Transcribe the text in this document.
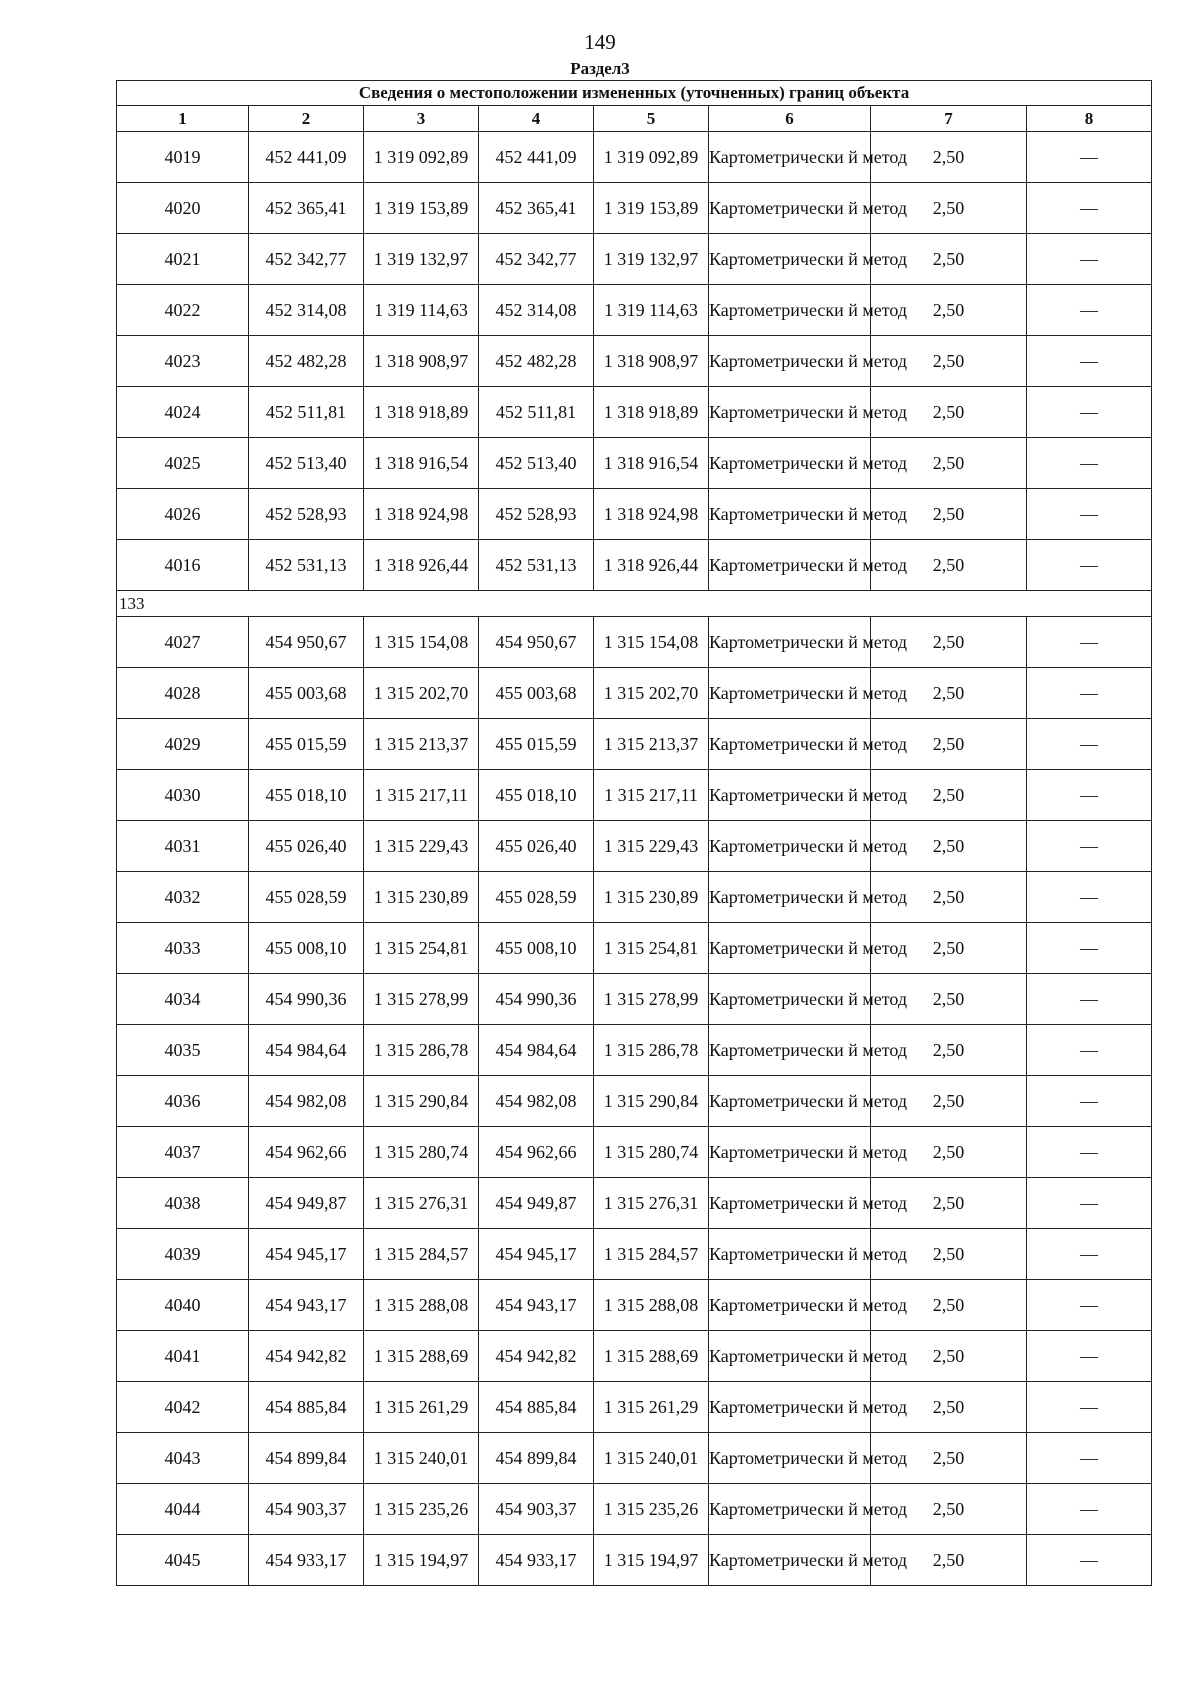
149
Раздел3
Сведения о местоположении измененных (уточненных) границ объекта							
1	2	3	4	5	6	7	8
4019	452 441,09	1 319 092,89	452 441,09	1 319 092,89	Картометрически й метод	2,50	—
4020	452 365,41	1 319 153,89	452 365,41	1 319 153,89	Картометрически й метод	2,50	—
4021	452 342,77	1 319 132,97	452 342,77	1 319 132,97	Картометрически й метод	2,50	—
4022	452 314,08	1 319 114,63	452 314,08	1 319 114,63	Картометрически й метод	2,50	—
4023	452 482,28	1 318 908,97	452 482,28	1 318 908,97	Картометрически й метод	2,50	—
4024	452 511,81	1 318 918,89	452 511,81	1 318 918,89	Картометрически й метод	2,50	—
4025	452 513,40	1 318 916,54	452 513,40	1 318 916,54	Картометрически й метод	2,50	—
4026	452 528,93	1 318 924,98	452 528,93	1 318 924,98	Картометрически й метод	2,50	—
4016	452 531,13	1 318 926,44	452 531,13	1 318 926,44	Картометрически й метод	2,50	—
133							
4027	454 950,67	1 315 154,08	454 950,67	1 315 154,08	Картометрически й метод	2,50	—
4028	455 003,68	1 315 202,70	455 003,68	1 315 202,70	Картометрически й метод	2,50	—
4029	455 015,59	1 315 213,37	455 015,59	1 315 213,37	Картометрически й метод	2,50	—
4030	455 018,10	1 315 217,11	455 018,10	1 315 217,11	Картометрически й метод	2,50	—
4031	455 026,40	1 315 229,43	455 026,40	1 315 229,43	Картометрически й метод	2,50	—
4032	455 028,59	1 315 230,89	455 028,59	1 315 230,89	Картометрически й метод	2,50	—
4033	455 008,10	1 315 254,81	455 008,10	1 315 254,81	Картометрически й метод	2,50	—
4034	454 990,36	1 315 278,99	454 990,36	1 315 278,99	Картометрически й метод	2,50	—
4035	454 984,64	1 315 286,78	454 984,64	1 315 286,78	Картометрически й метод	2,50	—
4036	454 982,08	1 315 290,84	454 982,08	1 315 290,84	Картометрически й метод	2,50	—
4037	454 962,66	1 315 280,74	454 962,66	1 315 280,74	Картометрически й метод	2,50	—
4038	454 949,87	1 315 276,31	454 949,87	1 315 276,31	Картометрически й метод	2,50	—
4039	454 945,17	1 315 284,57	454 945,17	1 315 284,57	Картометрически й метод	2,50	—
4040	454 943,17	1 315 288,08	454 943,17	1 315 288,08	Картометрически й метод	2,50	—
4041	454 942,82	1 315 288,69	454 942,82	1 315 288,69	Картометрически й метод	2,50	—
4042	454 885,84	1 315 261,29	454 885,84	1 315 261,29	Картометрически й метод	2,50	—
4043	454 899,84	1 315 240,01	454 899,84	1 315 240,01	Картометрически й метод	2,50	—
4044	454 903,37	1 315 235,26	454 903,37	1 315 235,26	Картометрически й метод	2,50	—
4045	454 933,17	1 315 194,97	454 933,17	1 315 194,97	Картометрически й метод	2,50	—
